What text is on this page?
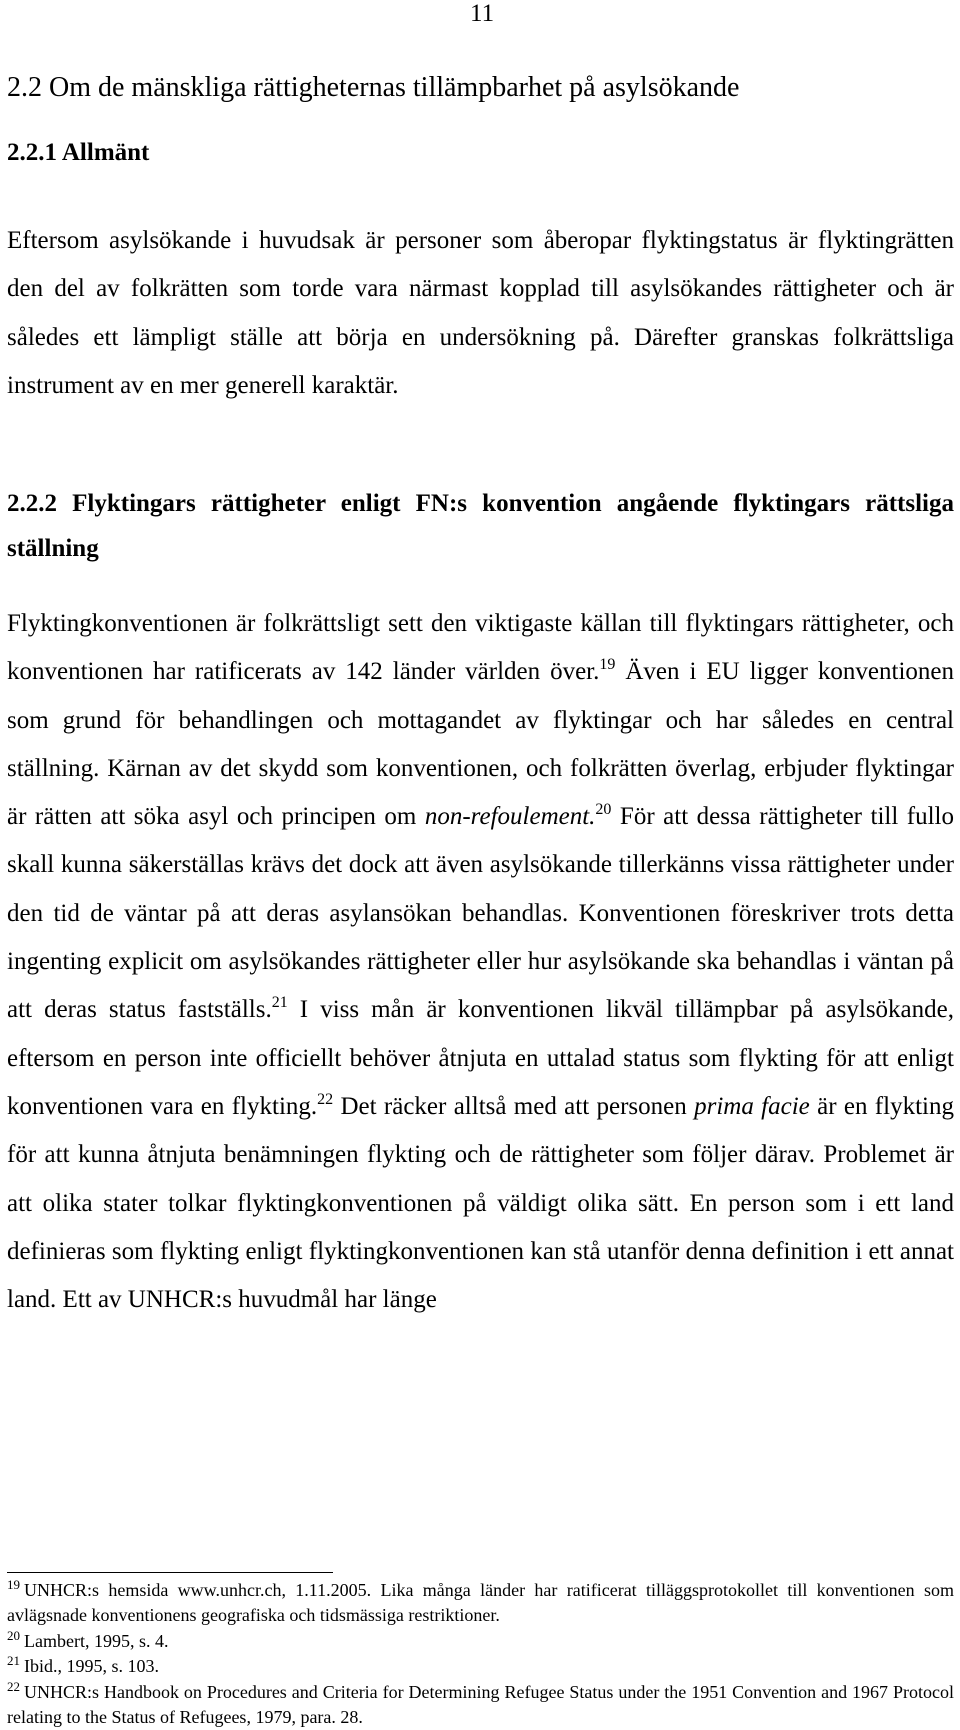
11
2.2 Om de mänskliga rättigheternas tillämpbarhet på asylsökande
2.2.1 Allmänt
Eftersom asylsökande i huvudsak är personer som åberopar flyktingstatus är flyktingrätten den del av folkrätten som torde vara närmast kopplad till asylsökandes rättigheter och är således ett lämpligt ställe att börja en undersökning på. Därefter granskas folkrättsliga instrument av en mer generell karaktär.
2.2.2 Flyktingars rättigheter enligt FN:s konvention angående flyktingars rättsliga ställning
Flyktingkonventionen är folkrättsligt sett den viktigaste källan till flyktingars rättigheter, och konventionen har ratificerats av 142 länder världen över.$^{19}$ Även i EU ligger konventionen som grund för behandlingen och mottagandet av flyktingar och har således en central ställning. Kärnan av det skydd som konventionen, och folkrätten överlag, erbjuder flyktingar är rätten att söka asyl och principen om non-refoulement.$^{20}$ För att dessa rättigheter till fullo skall kunna säkerställas krävs det dock att även asylsökande tillerkänns vissa rättigheter under den tid de väntar på att deras asylansökan behandlas. Konventionen föreskriver trots detta ingenting explicit om asylsökandes rättigheter eller hur asylsökande ska behandlas i väntan på att deras status fastställs.$^{21}$ I viss mån är konventionen likväl tillämpbar på asylsökande, eftersom en person inte officiellt behöver åtnjuta en uttalad status som flykting för att enligt konventionen vara en flykting.$^{22}$ Det räcker alltså med att personen prima facie är en flykting för att kunna åtnjuta benämningen flykting och de rättigheter som följer därav. Problemet är att olika stater tolkar flyktingkonventionen på väldigt olika sätt. En person som i ett land definieras som flykting enligt flyktingkonventionen kan stå utanför denna definition i ett annat land. Ett av UNHCR:s huvudmål har länge
$^{19}$ UNHCR:s hemsida www.unhcr.ch, 1.11.2005. Lika många länder har ratificerat tilläggsprotokollet till konventionen som avlägsnade konventionens geografiska och tidsmässiga restriktioner.
$^{20}$ Lambert, 1995, s. 4.
$^{21}$ Ibid., 1995, s. 103.
$^{22}$ UNHCR:s Handbook on Procedures and Criteria for Determining Refugee Status under the 1951 Convention and 1967 Protocol relating to the Status of Refugees, 1979, para. 28.
